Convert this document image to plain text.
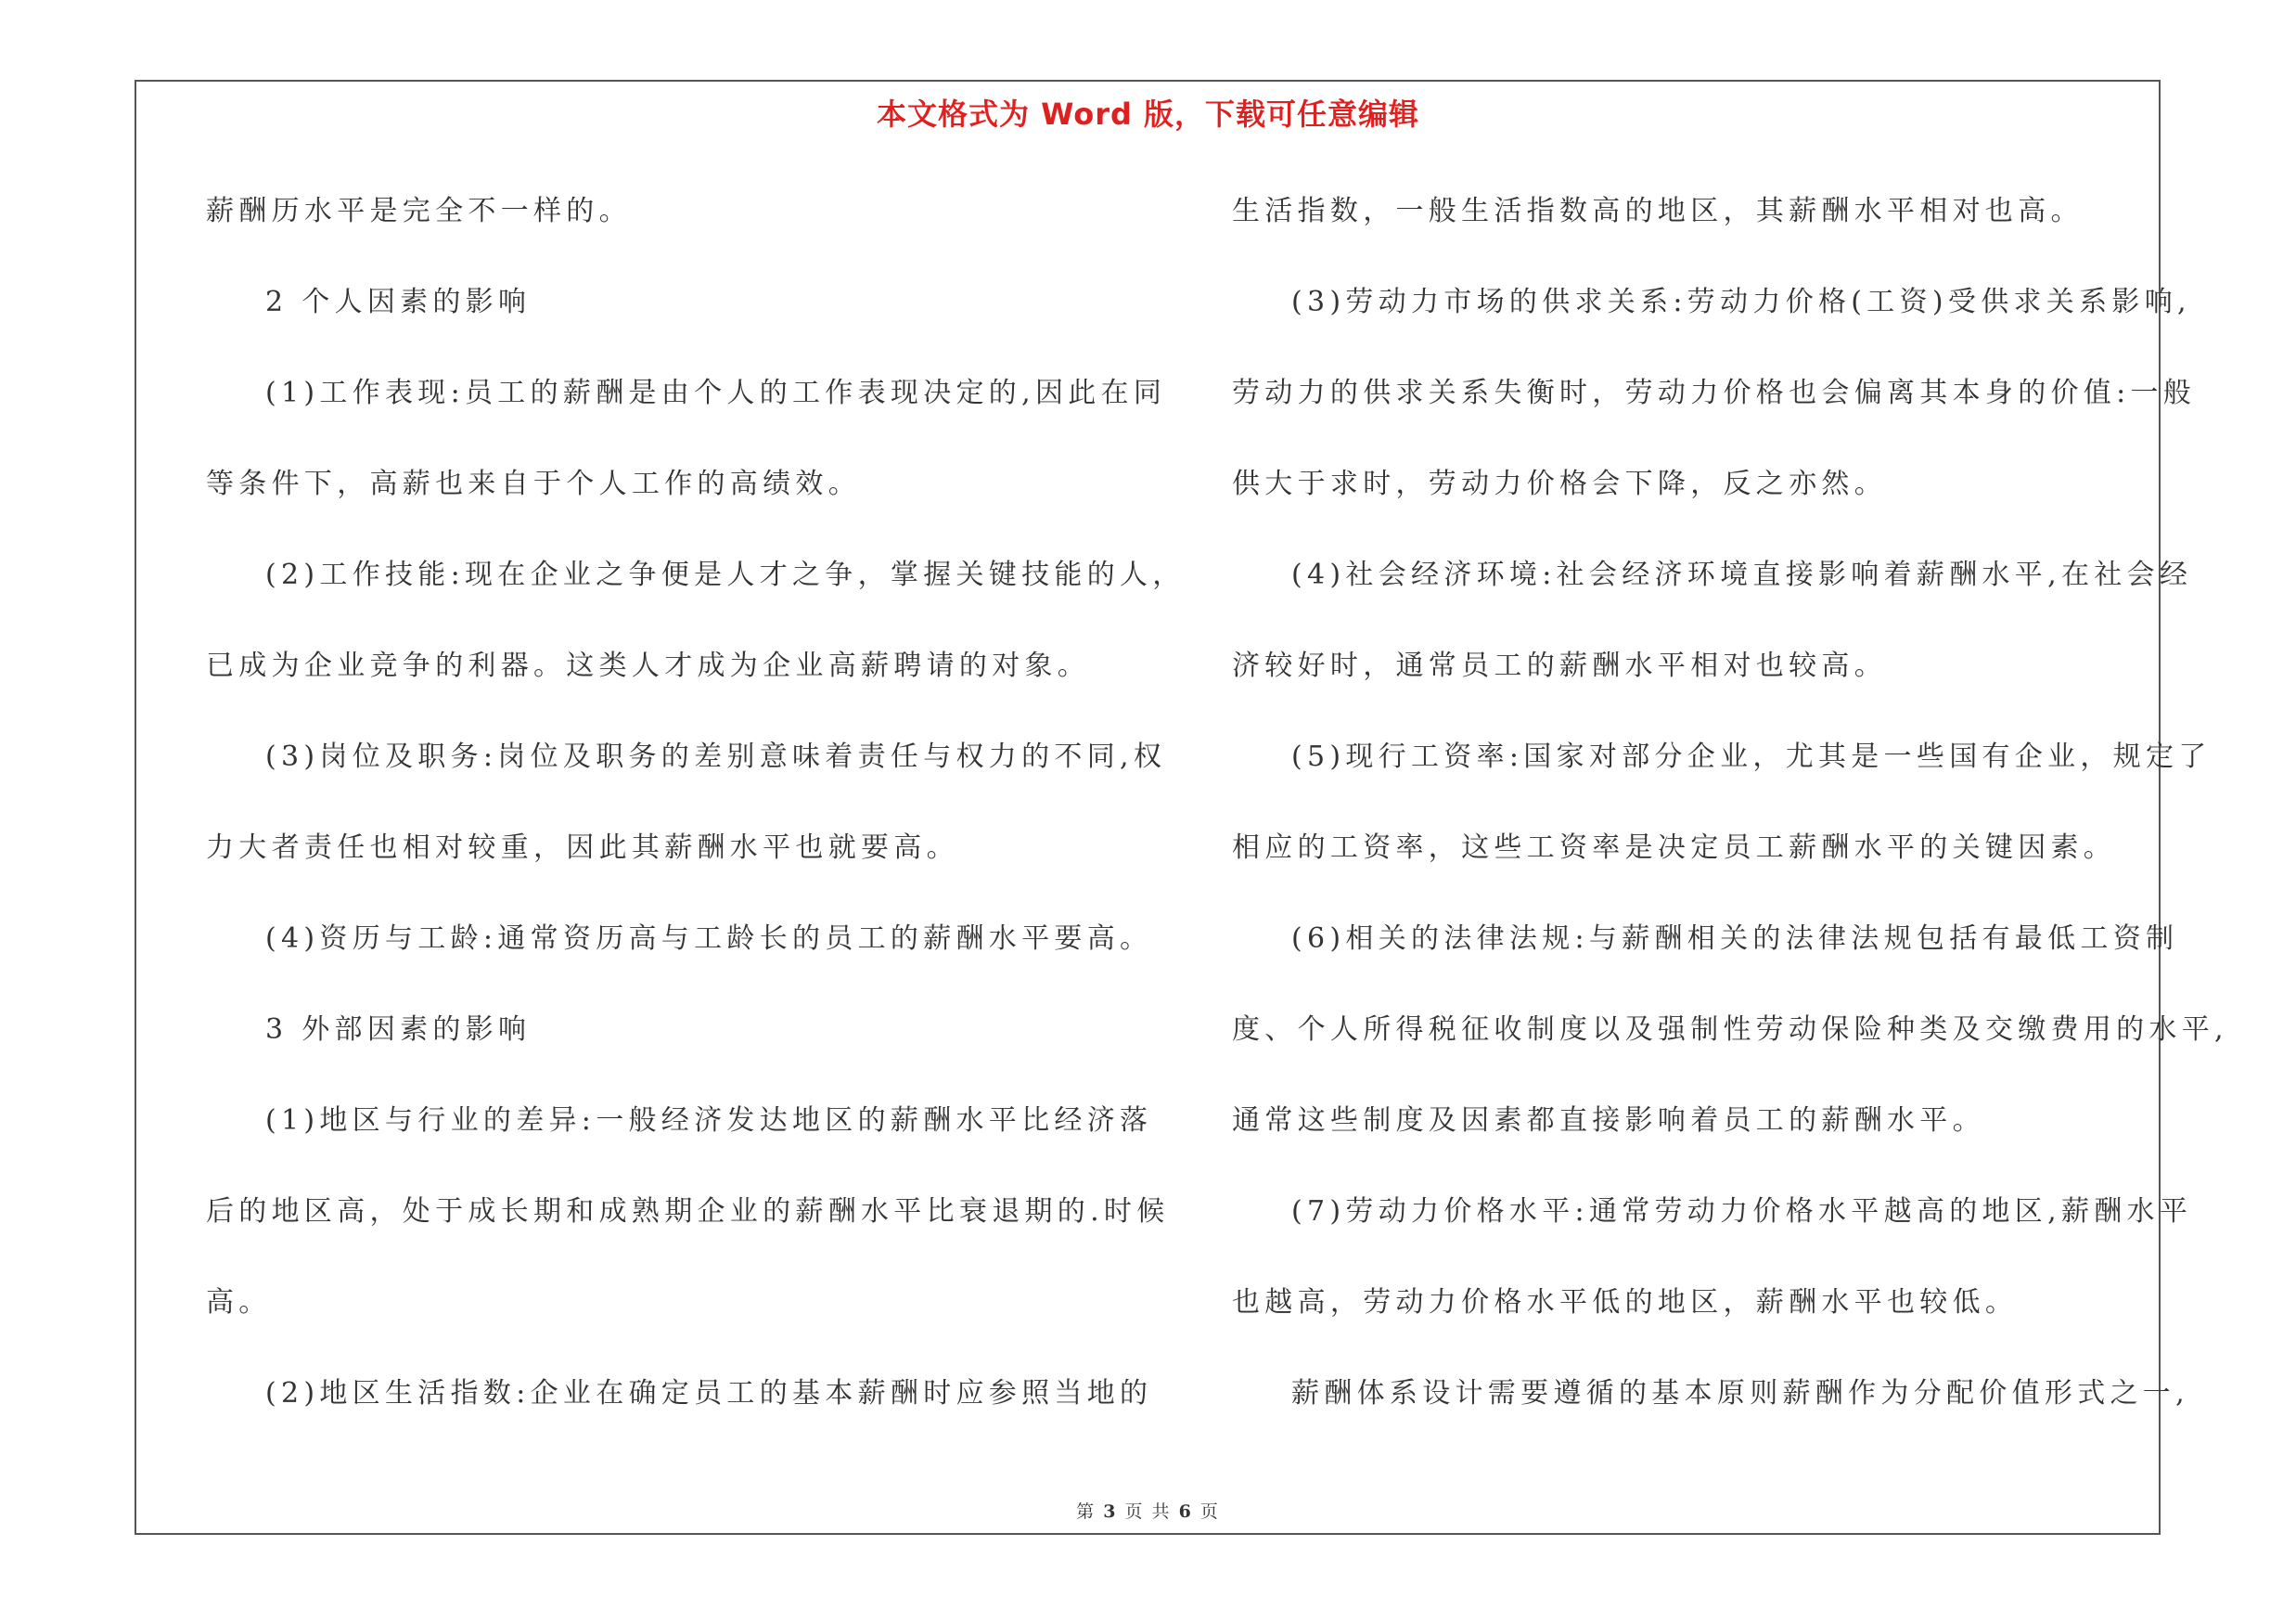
本文格式为 Word 版，下载可任意编辑
薪酬历水平是完全不一样的。
2 个人因素的影响
(1)工作表现:员工的薪酬是由个人的工作表现决定的,因此在同
等条件下，高薪也来自于个人工作的高绩效。
(2)工作技能:现在企业之争便是人才之争，掌握关键技能的人，
已成为企业竞争的利器。这类人才成为企业高薪聘请的对象。
(3)岗位及职务:岗位及职务的差别意味着责任与权力的不同,权
力大者责任也相对较重，因此其薪酬水平也就要高。
(4)资历与工龄:通常资历高与工龄长的员工的薪酬水平要高。
3 外部因素的影响
(1)地区与行业的差异:一般经济发达地区的薪酬水平比经济落
后的地区高，处于成长期和成熟期企业的薪酬水平比衰退期的.时候
高。
(2)地区生活指数:企业在确定员工的基本薪酬时应参照当地的
生活指数，一般生活指数高的地区，其薪酬水平相对也高。
(3)劳动力市场的供求关系:劳动力价格(工资)受供求关系影响,
劳动力的供求关系失衡时，劳动力价格也会偏离其本身的价值:一般
供大于求时，劳动力价格会下降，反之亦然。
(4)社会经济环境:社会经济环境直接影响着薪酬水平,在社会经
济较好时，通常员工的薪酬水平相对也较高。
(5)现行工资率:国家对部分企业，尤其是一些国有企业，规定了
相应的工资率，这些工资率是决定员工薪酬水平的关键因素。
(6)相关的法律法规:与薪酬相关的法律法规包括有最低工资制
度、个人所得税征收制度以及强制性劳动保险种类及交缴费用的水平,
通常这些制度及因素都直接影响着员工的薪酬水平。
(7)劳动力价格水平:通常劳动力价格水平越高的地区,薪酬水平
也越高，劳动力价格水平低的地区，薪酬水平也较低。
薪酬体系设计需要遵循的基本原则薪酬作为分配价值形式之一,
第 3 页 共 6 页
